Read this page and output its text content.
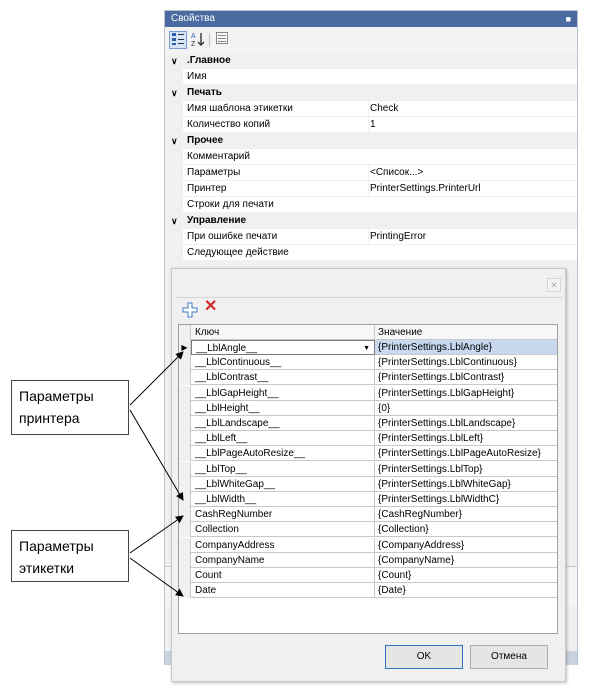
Свойства	■
A
Z
∨ .Главное
Имя
∨ Печать
Имя шаблона этикетки	Check
Количество копий	1
∨ Прочее
Комментарий
Параметры	<Список...>
Принтер	PrinterSettings.PrinterUrl
Строки для печати
∨ Управление
При ошибке печати	PrintingError
Следующее действие
✕
✕
Ключ	Значение
▶ __LblAngle__	▼ {PrinterSettings.LblAngle}
__LblContinuous__	{PrinterSettings.LblContinuous}
__LblContrast__	{PrinterSettings.LblContrast}
__LblGapHeight__	{PrinterSettings.LblGapHeight}
__LblHeight__	{0}
__LblLandscape__	{PrinterSettings.LblLandscape}
__LblLeft__	{PrinterSettings.LblLeft}
__LblPageAutoResize__	{PrinterSettings.LblPageAutoResize}
__LblTop__	{PrinterSettings.LblTop}
__LblWhiteGap__	{PrinterSettings.LblWhiteGap}
__LblWidth__	{PrinterSettings.LblWidthC}
CashRegNumber	{CashRegNumber}
Collection	{Collection}
CompanyAddress	{CompanyAddress}
CompanyName	{CompanyName}
Count	{Count}
Date	{Date}
OK	Отмена
Параметры
принтера
Параметры
этикетки
